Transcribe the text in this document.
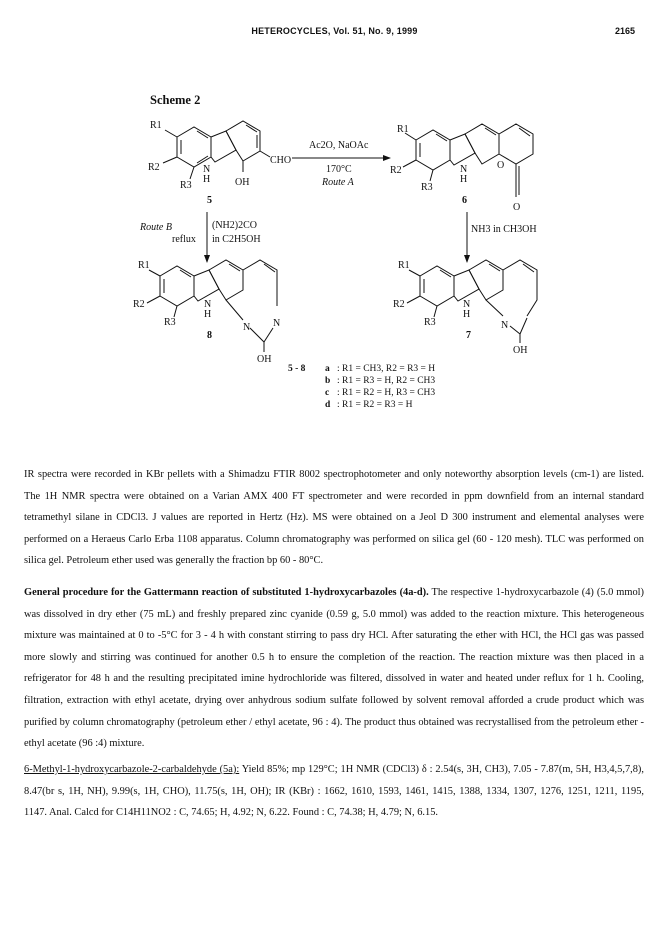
HETEROCYCLES, Vol. 51, No. 9, 1999	2165
Scheme 2
R1
R2
R3
N
H OH
CHO
5
Ac2O, NaOAc
170°C
Route A
R1
R2
R3
N
H
O
O
6
Route B	(NH2)2CO
reflux in C2H5OH
NH3 in CH3OH
R1
R2
R3
N
H
N N
OH
8
R1
R2
R3
N
H
N
OH
7
5 - 8 a : R1 = CH3, R2 = R3 = H
b : R1 = R3 = H, R2 = CH3
c : R1 = R2 = H, R3 = CH3
d : R1 = R2 = R3 = H
IR spectra were recorded in KBr pellets with a Shimadzu FTIR 8002 spectrophotometer and only noteworthy absorption levels (cm-1) are listed. The 1H NMR spectra were obtained on a Varian AMX 400 FT spectrometer and were recorded in ppm downfield from an internal standard tetramethyl silane in CDCl3. J values are reported in Hertz (Hz). MS were obtained on a Jeol D 300 instrument and elemental analyses were performed on a Heraeus Carlo Erba 1108 apparatus. Column chromatography was performed on silica gel (60 - 120 mesh). TLC was performed on silica gel. Petroleum ether used was generally the fraction bp 60 - 80°C.
General procedure for the Gattermann reaction of substituted 1-hydroxycarbazoles (4a-d). The respective 1-hydroxycarbazole (4) (5.0 mmol) was dissolved in dry ether (75 mL) and freshly prepared zinc cyanide (0.59 g, 5.0 mmol) was added to the reaction mixture. This heterogeneous mixture was maintained at 0 to -5°C for 3 - 4 h with constant stirring to pass dry HCl. After saturating the ether with HCl, the HCl gas was passed more slowly and stirring was continued for another 0.5 h to ensure the completion of the reaction. The reaction mixture was then placed in a refrigerator for 48 h and the resulting precipitated imine hydrochloride was filtered, dissolved in water and heated under reflux for 1 h. Cooling, filtration, extraction with ethyl acetate, drying over anhydrous sodium sulfate followed by solvent removal afforded a crude product which was purified by column chromatography (petroleum ether / ethyl acetate, 96 : 4). The product thus obtained was recrystallised from the petroleum ether - ethyl acetate (96 :4) mixture.
6-Methyl-1-hydroxycarbazole-2-carbaldehyde (5a): Yield 85%; mp 129°C; 1H NMR (CDCl3) δ : 2.54(s, 3H, CH3), 7.05 - 7.87(m, 5H, H3,4,5,7,8), 8.47(br s, 1H, NH), 9.99(s, 1H, CHO), 11.75(s, 1H, OH); IR (KBr) : 1662, 1610, 1593, 1461, 1415, 1388, 1334, 1307, 1276, 1251, 1211, 1195, 1147. Anal. Calcd for C14H11NO2 : C, 74.65; H, 4.92; N, 6.22. Found : C, 74.38; H, 4.79; N, 6.15.
